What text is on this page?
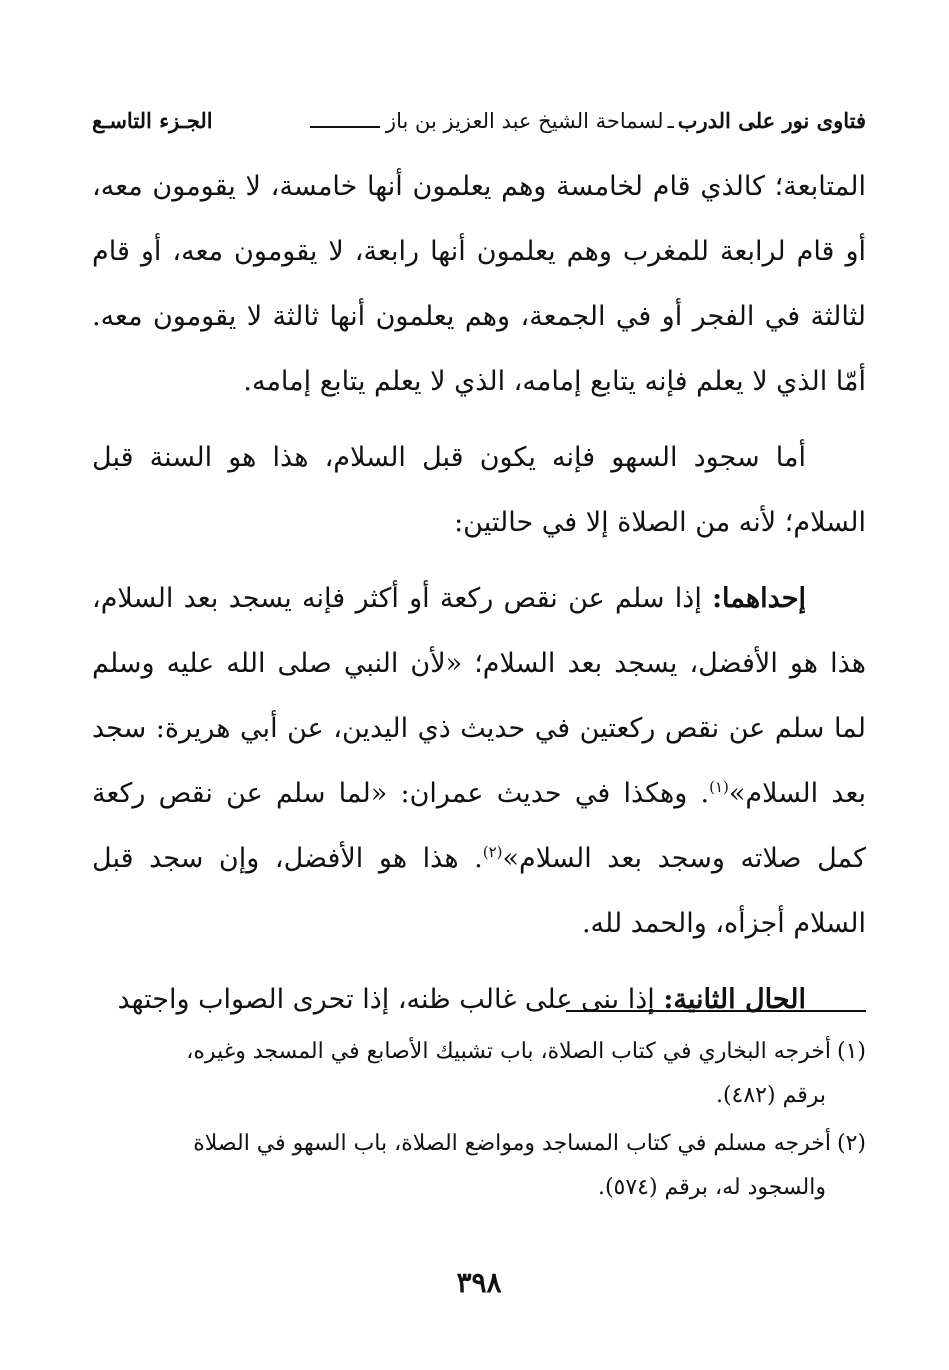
فتاوى نور على الدرب
ـ
لسماحة الشيخ عبد العزيز بن باز
الجـزء التاسـع

المتابعة؛ كالذي قام لخامسة وهم يعلمون أنها خامسة، لا يقومون معه، أو قام لرابعة للمغرب وهم يعلمون أنها رابعة، لا يقومون معه، أو قام لثالثة في الفجر أو في الجمعة، وهم يعلمون أنها ثالثة لا يقومون معه. أمّا الذي لا يعلم فإنه يتابع إمامه، الذي لا يعلم يتابع إمامه.

أما سجود السهو فإنه يكون قبل السلام، هذا هو السنة قبل السلام؛ لأنه من الصلاة إلا في حالتين:

إحداهما: إذا سلم عن نقص ركعة أو أكثر فإنه يسجد بعد السلام، هذا هو الأفضل، يسجد بعد السلام؛ «لأن النبي صلى الله عليه وسلم لما سلم عن نقص ركعتين في حديث ذي اليدين، عن أبي هريرة: سجد بعد السلام»$^{(١)}$. وهكذا في حديث عمران: «لما سلم عن نقص ركعة كمل صلاته وسجد بعد السلام»$^{(٢)}$. هذا هو الأفضل، وإن سجد قبل السلام أجزأه، والحمد لله.

الحال الثانية: إذا بنى على غالب ظنه، إذا تحرى الصواب واجتهد

(١)أخرجه البخاري في كتاب الصلاة، باب تشبيك الأصابع في المسجد وغيره،
برقم (٤٨٢).

(٢)أخرجه مسلم في كتاب المساجد ومواضع الصلاة، باب السهو في الصلاة
والسجود له، برقم (٥٧٤).

٣٩٨
